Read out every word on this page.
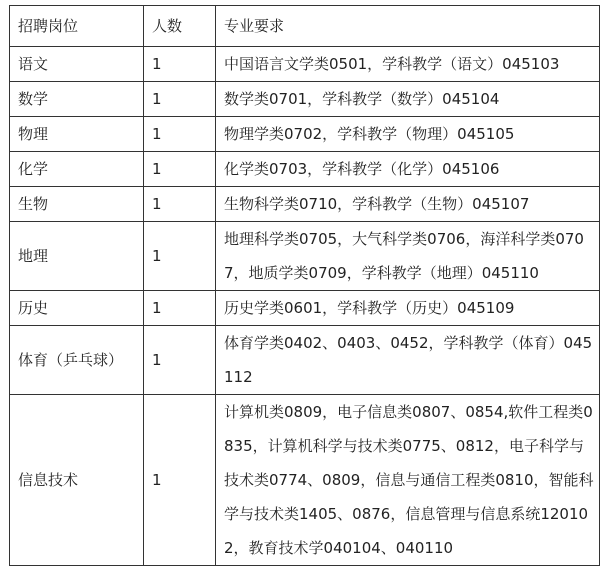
招聘岗位	人数	专业要求
语文	1	中国语言文学类0501，学科教学（语文）045103
数学	1	数学类0701，学科教学（数学）045104
物理	1	物理学类0702，学科教学（物理）045105
化学	1	化学类0703，学科教学（化学）045106
生物	1	生物科学类0710，学科教学（生物）045107
地理	1	地理科学类0705，大气科学类0706，海洋科学类0707，地质学类0709，学科教学（地理）045110
历史	1	历史学类0601，学科教学（历史）045109
体育（乒乓球）	1	体育学类0402、0403、0452，学科教学（体育）045112
信息技术	1	计算机类0809，电子信息类0807、0854,软件工程类0835，计算机科学与技术类0775、0812，电子科学与技术类0774、0809，信息与通信工程类0810，智能科学与技术类1405、0876，信息管理与信息系统120102，教育技术学040104、040110
